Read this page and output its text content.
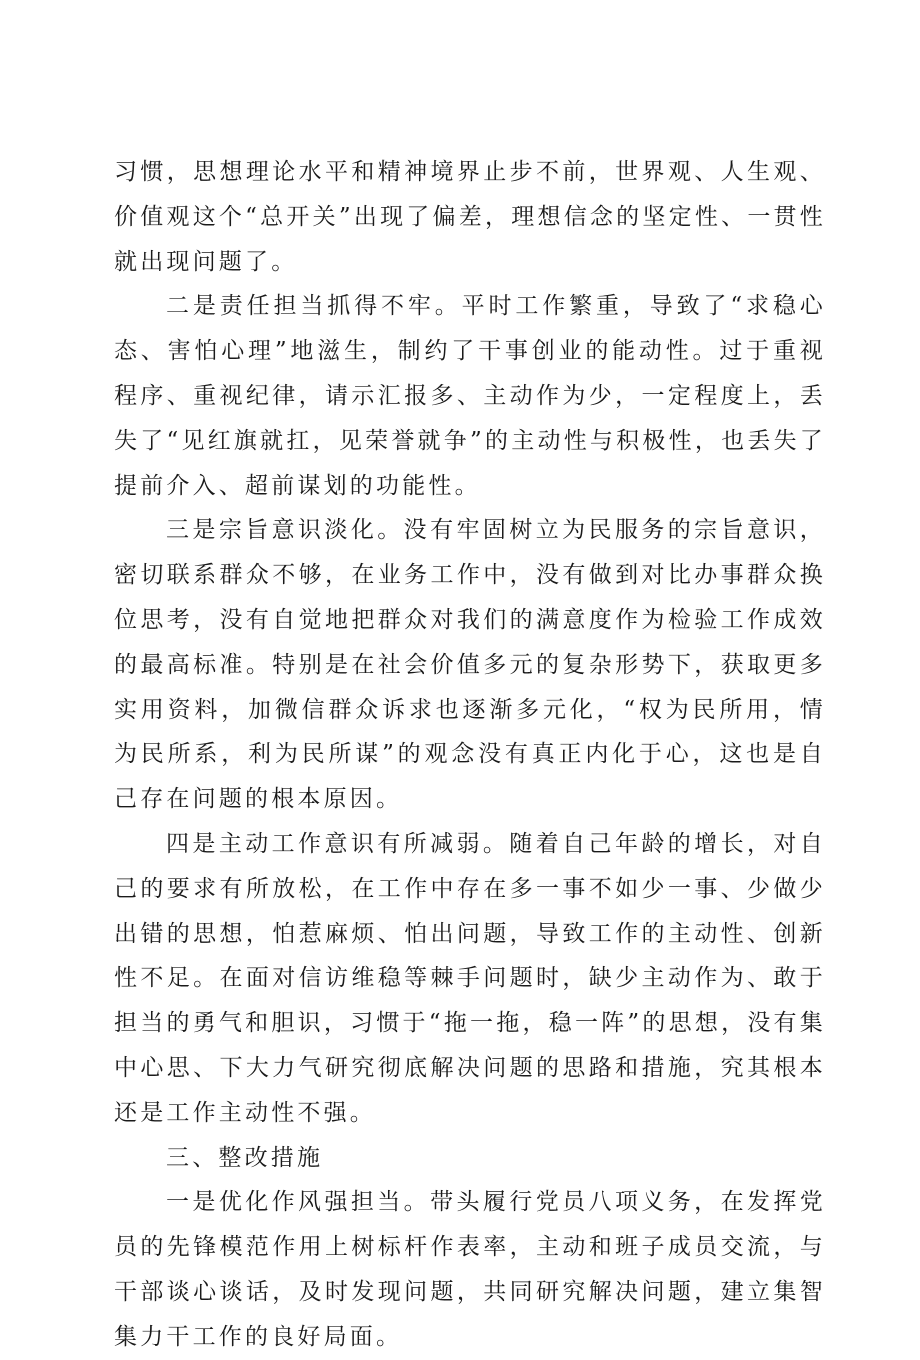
习惯，思想理论水平和精神境界止步不前，世界观、人生观、价值观这个“总开关”出现了偏差，理想信念的坚定性、一贯性就出现问题了。

二是责任担当抓得不牢。平时工作繁重，导致了“求稳心态、害怕心理”地滋生，制约了干事创业的能动性。过于重视程序、重视纪律，请示汇报多、主动作为少，一定程度上，丢失了“见红旗就扛，见荣誉就争”的主动性与积极性，也丢失了提前介入、超前谋划的功能性。

三是宗旨意识淡化。没有牢固树立为民服务的宗旨意识，密切联系群众不够，在业务工作中，没有做到对比办事群众换位思考，没有自觉地把群众对我们的满意度作为检验工作成效的最高标准。特别是在社会价值多元的复杂形势下，获取更多实用资料，加微信群众诉求也逐渐多元化，“权为民所用，情为民所系，利为民所谋”的观念没有真正内化于心，这也是自己存在问题的根本原因。

四是主动工作意识有所减弱。随着自己年龄的增长，对自己的要求有所放松，在工作中存在多一事不如少一事、少做少出错的思想，怕惹麻烦、怕出问题，导致工作的主动性、创新性不足。在面对信访维稳等棘手问题时，缺少主动作为、敢于担当的勇气和胆识，习惯于“拖一拖，稳一阵”的思想，没有集中心思、下大力气研究彻底解决问题的思路和措施，究其根本还是工作主动性不强。

三、整改措施

一是优化作风强担当。带头履行党员八项义务，在发挥党员的先锋模范作用上树标杆作表率，主动和班子成员交流，与干部谈心谈话，及时发现问题，共同研究解决问题，建立集智集力干工作的良好局面。
